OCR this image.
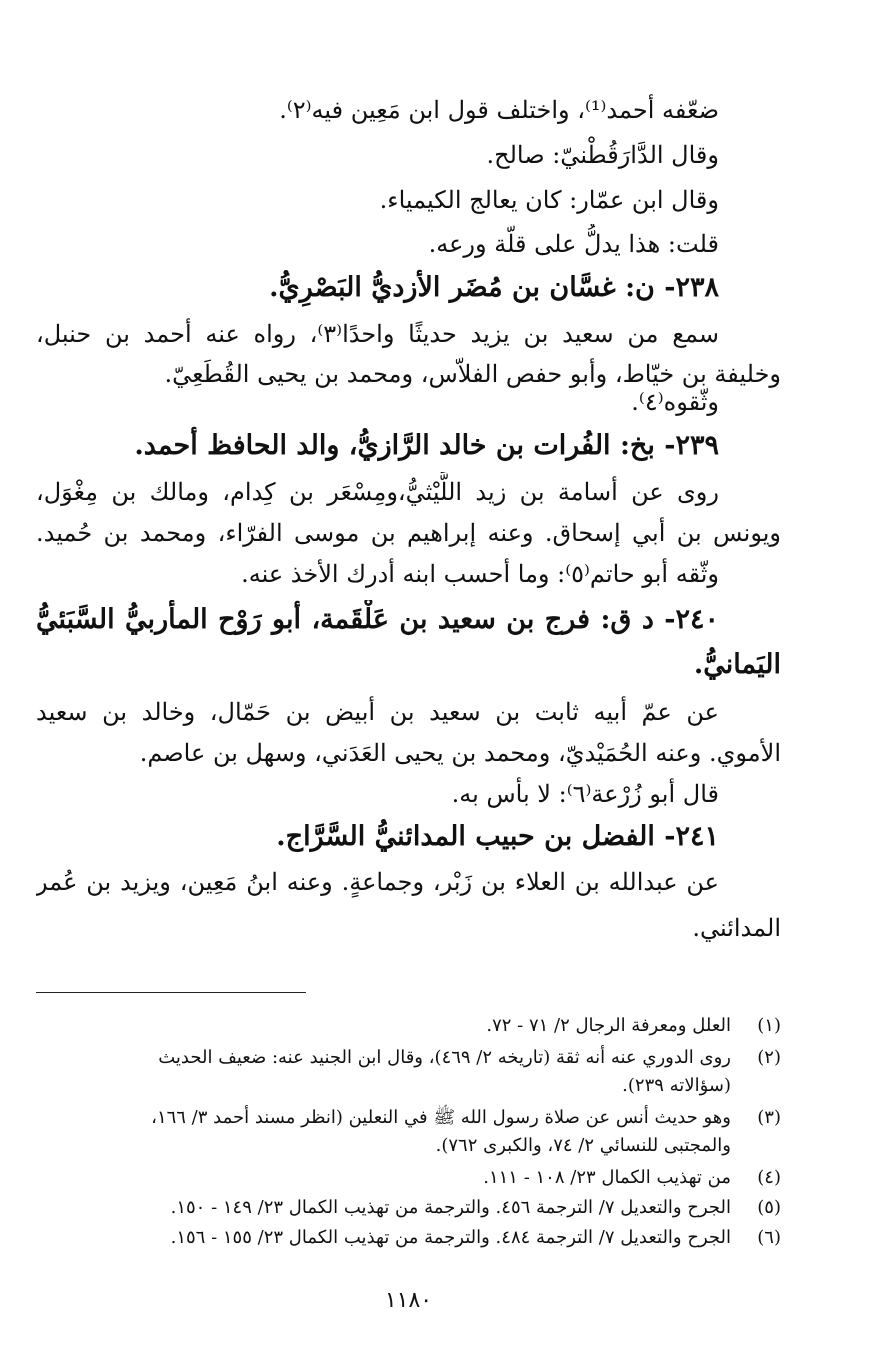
ضعّفه أحمد⁽¹⁾، واختلف قول ابن مَعِين فيه⁽٢⁾.
وقال الدَّارَقُطْنيّ: صالح.
وقال ابن عمّار: كان يعالج الكيمياء.
قلت: هذا يدلُّ على قلّة ورعه.
٢٣٨- ن: غسَّان بن مُضَر الأزديُّ البَصْرِيُّ.
سمع من سعيد بن يزيد حديثًا واحدًا⁽٣⁾، رواه عنه أحمد بن حنبل،
وخليفة بن خيّاط، وأبو حفص الفلاّس، ومحمد بن يحيى القُطَعِيّ.
وثّقوه⁽٤⁾.
٢٣٩- بخ: الفُرات بن خالد الرَّازيُّ، والد الحافظ أحمد.
روى عن أسامة بن زيد اللَّيْثيُّ،ومِسْعَر بن كِدام، ومالك بن مِغْوَل،
ويونس بن أبي إسحاق. وعنه إبراهيم بن موسى الفرّاء، ومحمد بن حُميد.
وثّقه أبو حاتم⁽٥⁾: وما أحسب ابنه أدرك الأخذ عنه.
٢٤٠- د ق: فرج بن سعيد بن عَلْقَمة، أبو رَوْح المأربيُّ السَّبَئيُّ
اليَمانيُّ.
عن عمّ أبيه ثابت بن سعيد بن أبيض بن حَمّال، وخالد بن سعيد
الأموي. وعنه الحُمَيْديّ، ومحمد بن يحيى العَدَني، وسهل بن عاصم.
قال أبو زُرْعة⁽٦⁾: لا بأس به.
٢٤١- الفضل بن حبيب المدائنيُّ السَّرَّاج.
عن عبدالله بن العلاء بن زَبْر، وجماعةٍ. وعنه ابنُ مَعِين، ويزيد بن عُمر
المدائني.
(١)
العلل ومعرفة الرجال ٢/ ٧١ - ٧٢.
(٢)
روى الدوري عنه أنه ثقة (تاريخه ٢/ ٤٦٩)، وقال ابن الجنيد عنه: ضعيف الحديث
(سؤالاته ٢٣٩).
(٣)
وهو حديث أنس عن صلاة رسول الله ﷺ في النعلين (انظر مسند أحمد ٣/ ١٦٦،
والمجتبى للنسائي ٢/ ٧٤، والكبرى ٧٦٢).
(٤)
من تهذيب الكمال ٢٣/ ١٠٨ - ١١١.
(٥)
الجرح والتعديل ٧/ الترجمة ٤٥٦. والترجمة من تهذيب الكمال ٢٣/ ١٤٩ - ١٥٠.
(٦)
الجرح والتعديل ٧/ الترجمة ٤٨٤. والترجمة من تهذيب الكمال ٢٣/ ١٥٥ - ١٥٦.
١١٨٠
